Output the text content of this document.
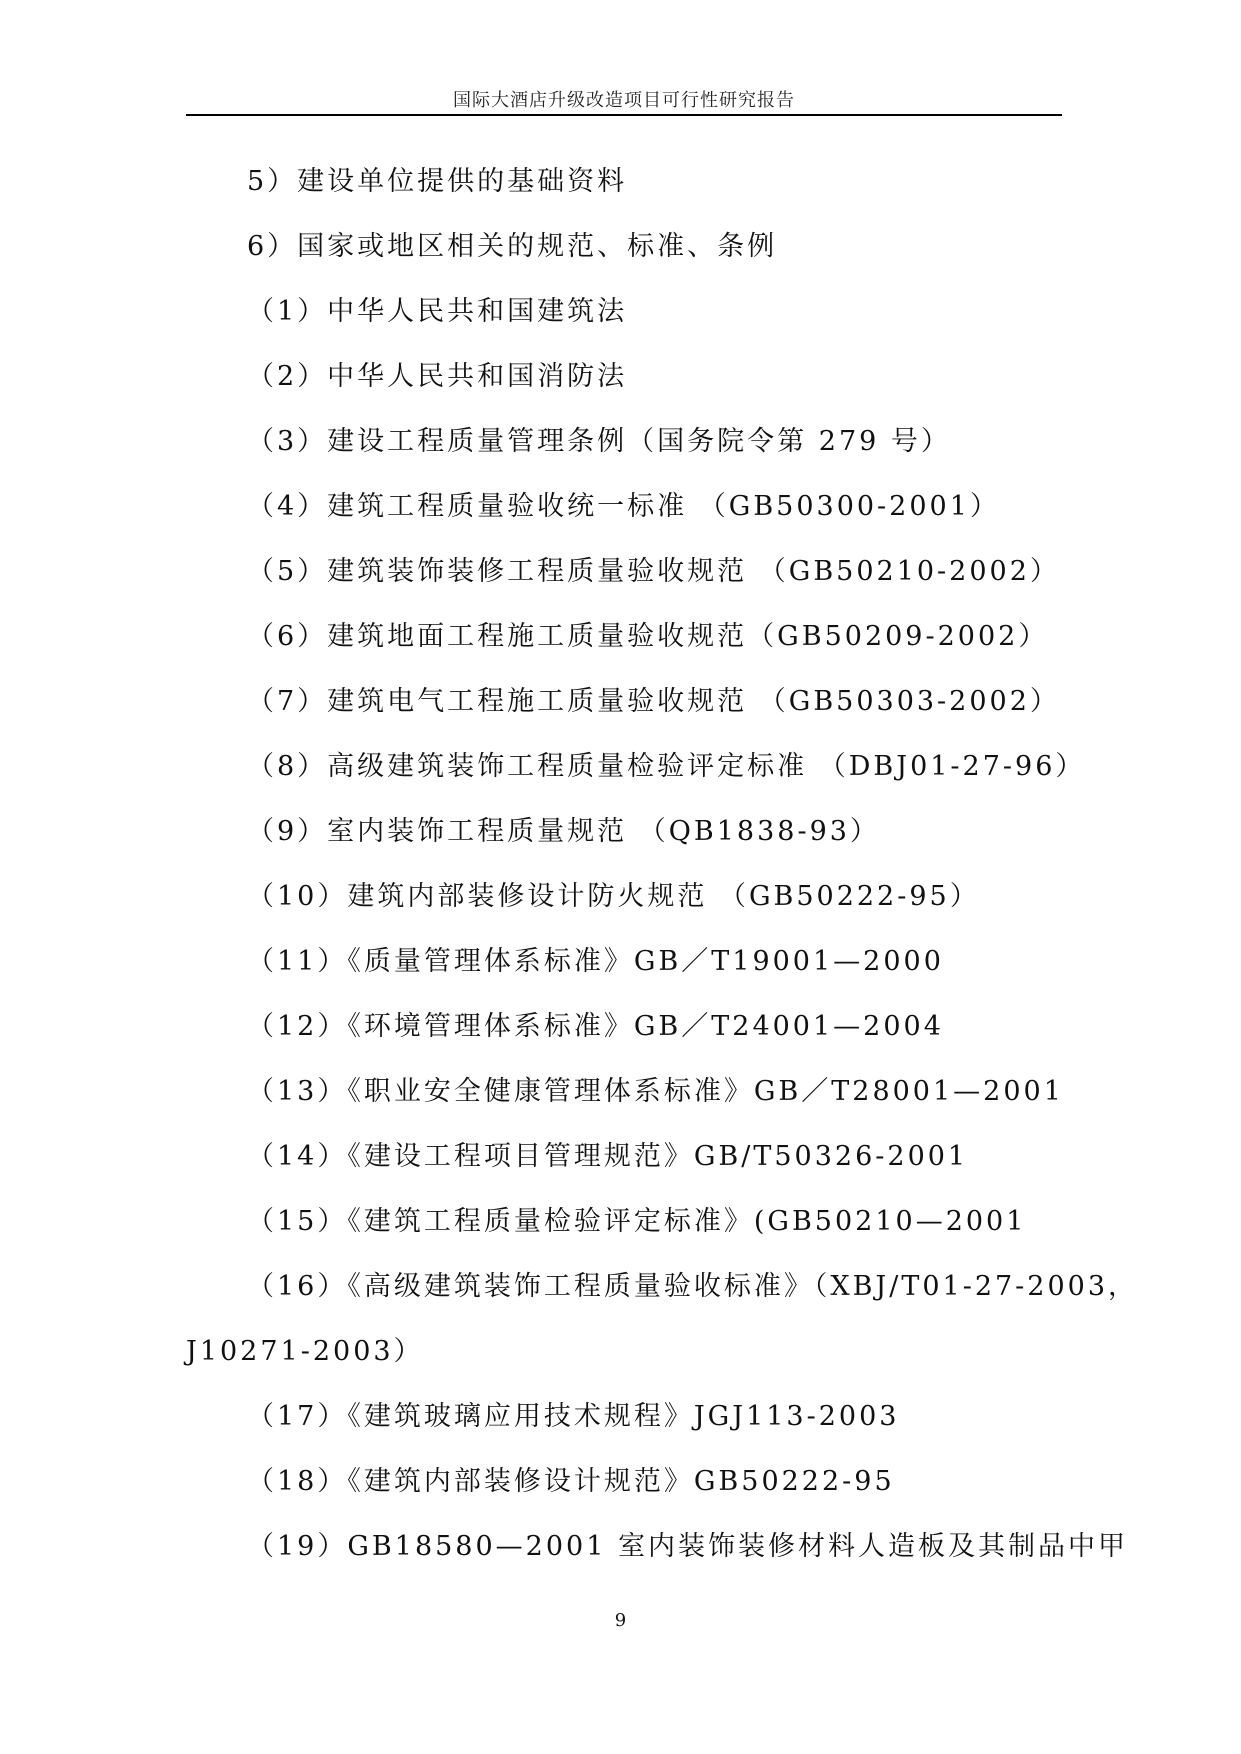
国际大酒店升级改造项目可行性研究报告
5）建设单位提供的基础资料
6）国家或地区相关的规范、标准、条例
（1）中华人民共和国建筑法
（2）中华人民共和国消防法
（3）建设工程质量管理条例（国务院令第 279 号）
（4）建筑工程质量验收统一标准 （GB50300-2001）
（5）建筑装饰装修工程质量验收规范 （GB50210-2002）
（6）建筑地面工程施工质量验收规范（GB50209-2002）
（7）建筑电气工程施工质量验收规范 （GB50303-2002）
（8）高级建筑装饰工程质量检验评定标准 （DBJ01-27-96）
（9）室内装饰工程质量规范 （QB1838-93）
（10）建筑内部装修设计防火规范 （GB50222-95）
（11）《质量管理体系标准》GB／T19001—2000
（12）《环境管理体系标准》GB／T24001—2004
（13）《职业安全健康管理体系标准》GB／T28001—2001
（14）《建设工程项目管理规范》GB/T50326-2001
（15）《建筑工程质量检验评定标准》(GB50210—2001
（16）《高级建筑装饰工程质量验收标准》（XBJ/T01-27-2003，
J10271-2003）
（17）《建筑玻璃应用技术规程》JGJ113-2003
（18）《建筑内部装修设计规范》GB50222-95
（19）GB18580—2001 室内装饰装修材料人造板及其制品中甲
9
